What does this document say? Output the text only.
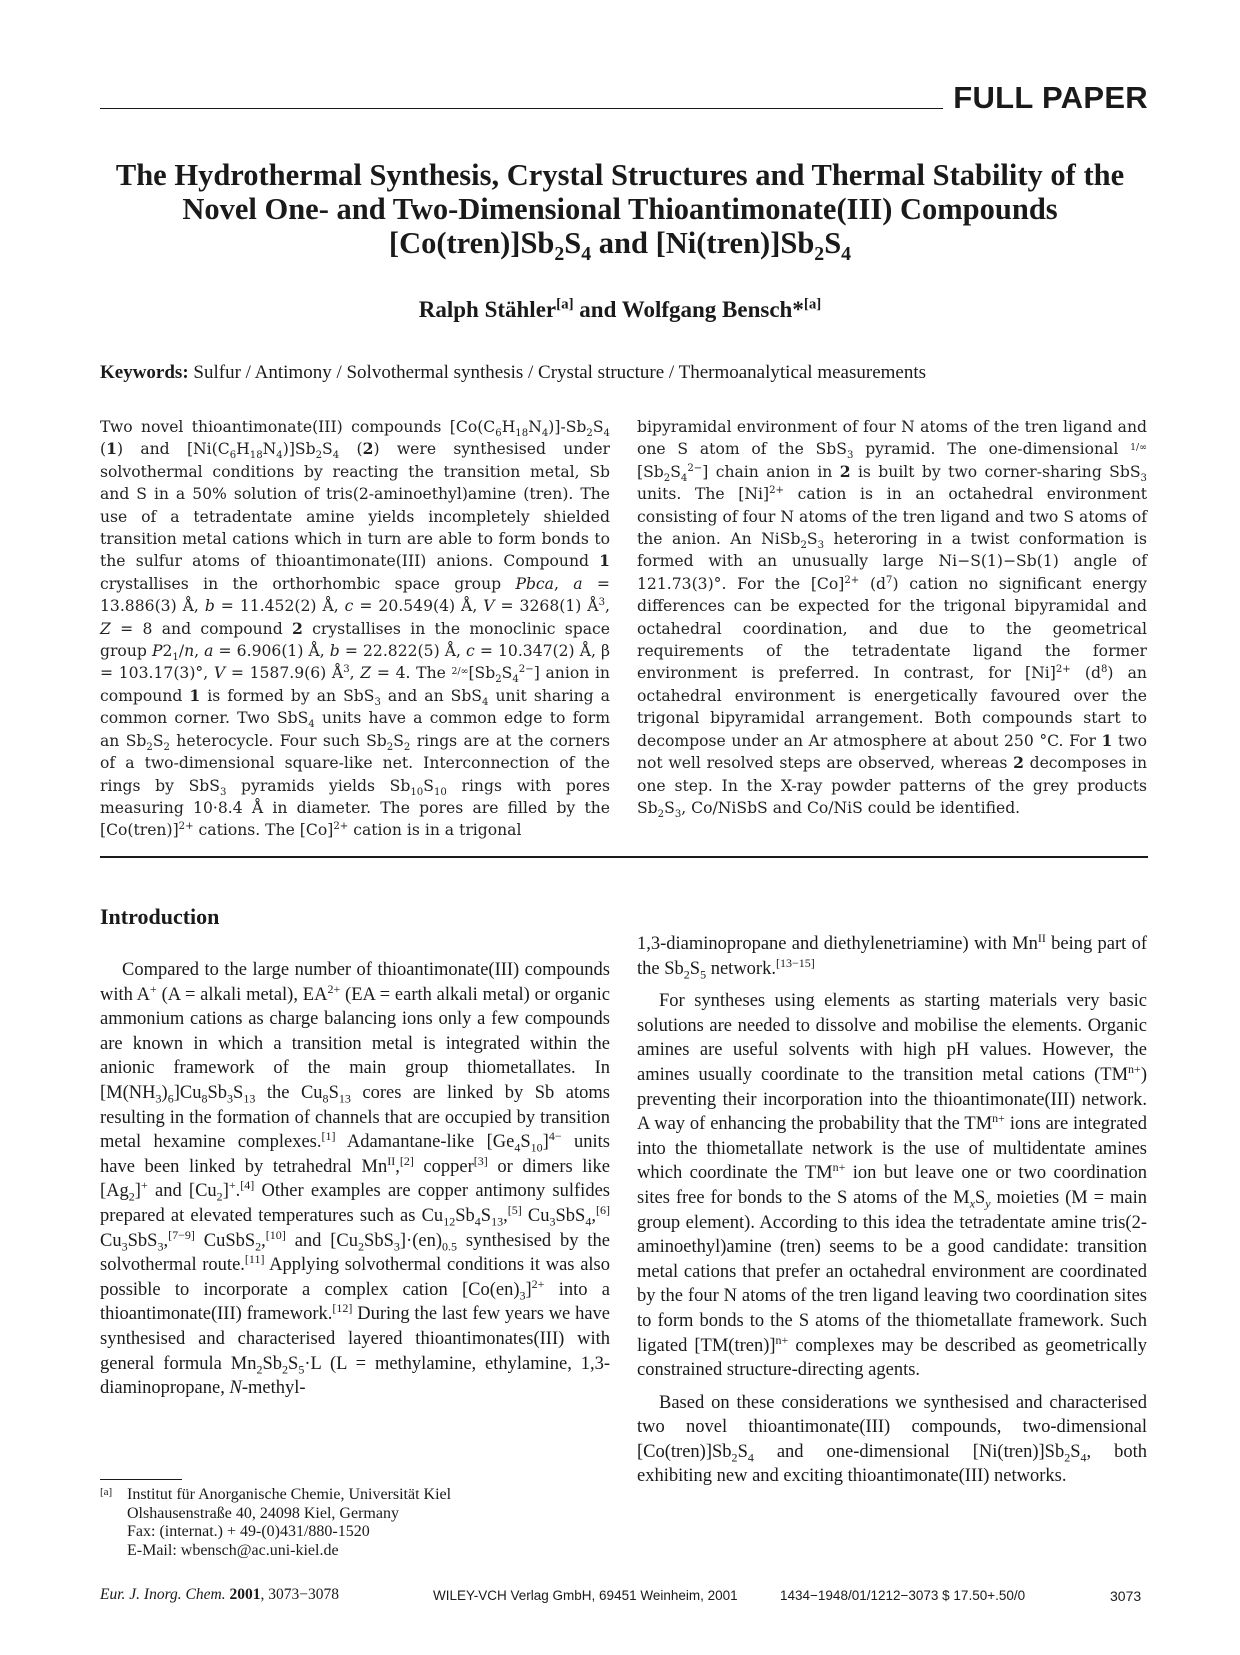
FULL PAPER
The Hydrothermal Synthesis, Crystal Structures and Thermal Stability of the
Novel One- and Two-Dimensional Thioantimonate(III) Compounds
$[Co(tren)]Sb_2S_4$ and $[Ni(tren)]Sb_2S_4$
Ralph Stähler[a] and Wolfgang Bensch*[a]
Keywords: Sulfur / Antimony / Solvothermal synthesis / Crystal structure / Thermoanalytical measurements

Two novel thioantimonate(III) compounds $[Co(C_6H_{18}N_4)]-Sb_2S_4$ (1) and $[Ni(C_6H_{18}N_4)]Sb_2S_4$ (2) were synthesised under solvothermal conditions by reacting the transition metal, Sb and S in a 50% solution of tris(2-aminoethyl)amine (tren). The use of a tetradentate amine yields incompletely shielded transition metal cations which in turn are able to form bonds to the sulfur atoms of thioantimonate(III) anions. Compound 1 crystallises in the orthorhombic space group Pbca, a = 13.886(3) Å, b = 11.452(2) Å, c = 20.549(4) Å, V = 3268(1) $Å^3$, Z = 8 and compound 2 crystallises in the monoclinic space group $P2_1/n$, a = 6.906(1) Å, b = 22.822(5) Å, c = 10.347(2) Å, β = 103.17(3)°, V = 1587.9(6) $Å^3$, Z = 4. The $2/\infty[Sb_2S_4^{2-}]$ anion in compound 1 is formed by an SbS$_3$ and an SbS$_4$ unit sharing a common corner. Two SbS$_4$ units have a common edge to form an $Sb_2S_2$ heterocycle. Four such $Sb_2S_2$ rings are at the corners of a two-dimensional square-like net. Interconnection of the rings by SbS$_3$ pyramids yields $Sb_{10}S_{10}$ rings with pores measuring 10·8.4 Å in diameter. The pores are filled by the [Co(tren)]$^{2+}$ cations. The $[Co]^{2+}$ cation is in a trigonal

bipyramidal environment of four N atoms of the tren ligand and one S atom of the SbS$_3$ pyramid. The one-dimensional $1/\infty[Sb_2S_4^{2-}]$ chain anion in 2 is built by two corner-sharing SbS$_3$ units. The $[Ni]^{2+}$ cation is in an octahedral environment consisting of four N atoms of the tren ligand and two S atoms of the anion. An $NiSb_2S_3$ heteroring in a twist conformation is formed with an unusually large Ni−S(1)−Sb(1) angle of 121.73(3)°. For the $[Co]^{2+}$ $(d^7)$ cation no significant energy differences can be expected for the trigonal bipyramidal and octahedral coordination, and due to the geometrical requirements of the tetradentate ligand the former environment is preferred. In contrast, for $[Ni]^{2+}$ $(d^8)$ an octahedral environment is energetically favoured over the trigonal bipyramidal arrangement. Both compounds start to decompose under an Ar atmosphere at about 250 °C. For 1 two not well resolved steps are observed, whereas 2 decomposes in one step. In the X-ray powder patterns of the grey products $Sb_2S_3$, Co/NiSbS and Co/NiS could be identified.

Introduction

Compared to the large number of thioantimonate(III) compounds with A+ (A = alkali metal), $EA^{2+}$ (EA = earth alkali metal) or organic ammonium cations as charge balancing ions only a few compounds are known in which a transition metal is integrated within the anionic framework of the main group thiometallates. In $[M(NH_3)_6]Cu_8Sb_3S_{13}$ the $Cu_8S_{13}$ cores are linked by Sb atoms resulting in the formation of channels that are occupied by transition metal hexamine complexes.[1] Adamantane-like $[Ge_4S_{10}]^{4-}$ units have been linked by tetrahedral $Mn^{II},[2]$ copper[3] or dimers like $[Ag_2]^+$ and $[Cu_2]^+.[4]$ Other examples are copper antimony sulfides prepared at elevated temperatures such as $Cu_{12}Sb_4S_{13},[5]$ $Cu_3SbS_4,[6]$ $Cu_3SbS_3,[7-9]$ CuSbS$_2$,[10] and $[Cu_2SbS_3]\cdot(en)_{0.5}$ synthesised by the solvothermal route.[11] Applying solvothermal conditions it was also possible to incorporate a complex cation $[Co(en)_3]^{2+}$ into a thioantimonate(III) framework.[12] During the last few years we have synthesised and characterised layered thioantimonates(III) with general formula $Mn_2Sb_2S_5\cdot L$ (L = methylamine, ethylamine, 1,3-diaminopropane, N-methyl-

1,3-diaminopropane and diethylenetriamine) with $Mn^{II}$ being part of the $Sb_2S_5$ network.[13−15]

For syntheses using elements as starting materials very basic solutions are needed to dissolve and mobilise the elements. Organic amines are useful solvents with high pH values. However, the amines usually coordinate to the transition metal cations $(TM^{n+})$ preventing their incorporation into the thioantimonate(III) network. A way of enhancing the probability that the $TM^{n+}$ ions are integrated into the thiometallate network is the use of multidentate amines which coordinate the $TM^{n+}$ ion but leave one or two coordination sites free for bonds to the S atoms of the $M_xS_y$ moieties (M = main group element). According to this idea the tetradentate amine tris(2-aminoethyl)amine (tren) seems to be a good candidate: transition metal cations that prefer an octahedral environment are coordinated by the four N atoms of the tren ligand leaving two coordination sites to form bonds to the S atoms of the thiometallate framework. Such ligated [TM(tren)]$^{n+}$ complexes may be described as geometrically constrained structure-directing agents.

Based on these considerations we synthesised and characterised two novel thioantimonate(III) compounds, two-dimensional $[Co(tren)]Sb_2S_4$ and one-dimensional $[Ni(tren)]Sb_2S_4$, both exhibiting new and exciting thioantimonate(III) networks.

[a] Institut für Anorganische Chemie, Universität Kiel
Olshausenstraße 40, 24098 Kiel, Germany
Fax: (internat.) + 49-(0)431/880-1520
E-Mail: wbensch@ac.uni-kiel.de
Eur. J. Inorg. Chem. 2001, 3073−3078	WILEY-VCH Verlag GmbH, 69451 Weinheim, 2001	1434−1948/01/1212−3073 $ 17.50+.50/0	3073
